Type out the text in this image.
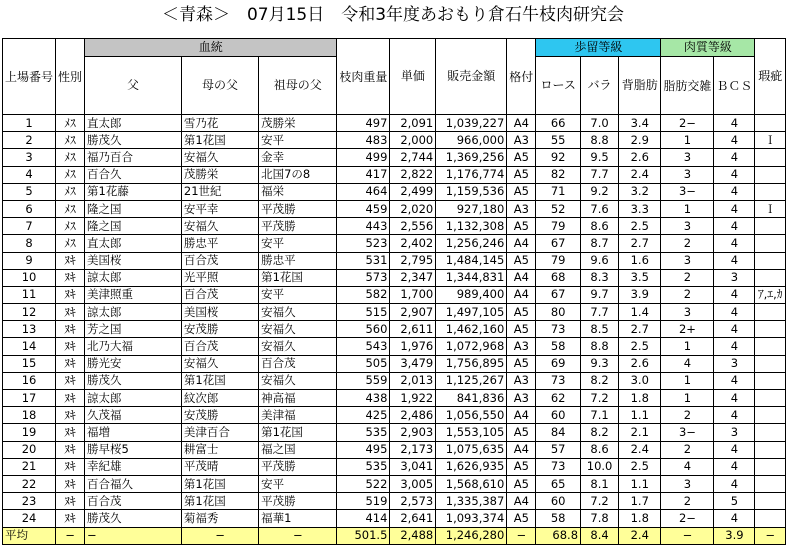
＜青森＞　07月15日　令和3年度あおもり倉石牛枝肉研究会
上場番号	性別	血統			枝肉重量	単価	販売金額	格付	歩留等級			肉質等級		瑕疵
		父	母の父	祖母の父					ロース	バラ	背脂肪	脂肪交雑	ＢＣＳ	
1	ﾒｽ	直太郎	雪乃花	茂勝栄	497	2,091	1,039,227	A4	66	7.0	3.4	2−	4	
2	ﾒｽ	勝茂久	第1花国	安平	483	2,000	966,000	A3	55	8.8	2.9	1	4	Ｉ
3	ﾒｽ	福乃百合	安福久	金幸	499	2,744	1,369,256	A5	92	9.5	2.6	3	4	
4	ﾒｽ	百合久	茂勝栄	北国7の8	417	2,822	1,176,774	A5	82	7.7	2.4	3	4	
5	ﾒｽ	第1花藤	21世紀	福栄	464	2,499	1,159,536	A5	71	9.2	3.2	3−	4	
6	ﾒｽ	隆之国	安平幸	平茂勝	459	2,020	927,180	A3	52	7.6	3.3	1	4	Ｉ
7	ﾒｽ	隆之国	安福久	平茂勝	443	2,556	1,132,308	A5	79	8.6	2.5	3	4	
8	ﾒｽ	直太郎	勝忠平	安平	523	2,402	1,256,246	A4	67	8.7	2.7	2	4	
9	ﾇｷ	美国桜	百合茂	勝忠平	531	2,795	1,484,145	A5	79	9.6	1.6	3	4	
10	ﾇｷ	諒太郎	光平照	第1花国	573	2,347	1,344,831	A4	68	8.3	3.5	2	3	
11	ﾇｷ	美津照重	百合茂	安平	582	1,700	989,400	A4	67	9.7	3.9	2	4	ｱ,ｴ,ｶ
12	ﾇｷ	諒太郎	美国桜	安福久	515	2,907	1,497,105	A5	80	7.7	1.4	3	4	
13	ﾇｷ	芳之国	安茂勝	安福久	560	2,611	1,462,160	A5	73	8.5	2.7	2+	4	
14	ﾇｷ	北乃大福	百合茂	安福久	543	1,976	1,072,968	A3	58	8.8	2.5	1	4	
15	ﾇｷ	勝光安	安福久	百合茂	505	3,479	1,756,895	A5	69	9.3	2.6	4	3	
16	ﾇｷ	勝茂久	第1花国	安福久	559	2,013	1,125,267	A3	73	8.2	3.0	1	4	
17	ﾇｷ	諒太郎	紋次郎	神高福	438	1,922	841,836	A3	62	7.2	1.8	1	4	
18	ﾇｷ	久茂福	安茂勝	美津福	425	2,486	1,056,550	A4	60	7.1	1.1	2	4	
19	ﾇｷ	福増	美津百合	第1花国	535	2,903	1,553,105	A5	84	8.2	2.1	3−	3	
20	ﾇｷ	勝早桜5	耕富士	福之国	495	2,173	1,075,635	A4	57	8.6	2.4	2	4	
21	ﾇｷ	幸紀雄	平茂晴	平茂勝	535	3,041	1,626,935	A5	73	10.0	2.5	4	4	
22	ﾇｷ	百合福久	第1花国	安平	522	3,005	1,568,610	A5	65	8.1	1.1	3	4	
23	ﾇｷ	百合茂	第1花国	平茂勝	519	2,573	1,335,387	A4	60	7.2	1.7	2	5	
24	ﾇｷ	勝茂久	菊福秀	福華1	414	2,641	1,093,374	A5	58	7.8	1.8	2−	4	
平均	−	−	−	−	501.5	2,488	1,246,280	−	68.8	8.4	2.4	−	3.9	−
